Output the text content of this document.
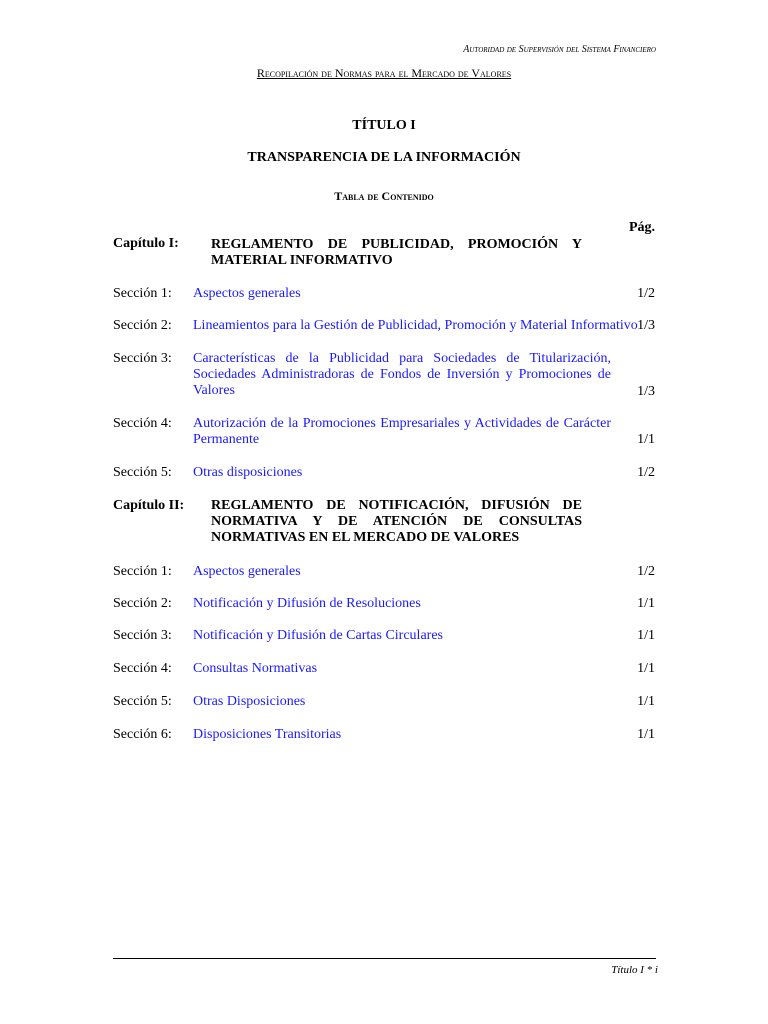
Autoridad de Supervisión del Sistema Financiero
Recopilación de Normas para el Mercado de Valores
TÍTULO I
TRANSPARENCIA DE LA INFORMACIÓN
Tabla de Contenido
Pág.
Capítulo I: REGLAMENTO DE PUBLICIDAD, PROMOCIÓN Y MATERIAL INFORMATIVO
Sección 1: Aspectos generales	1/2
Sección 2: Lineamientos para la Gestión de Publicidad, Promoción y Material Informativo 1/3
Sección 3: Características de la Publicidad para Sociedades de Titularización, Sociedades Administradoras de Fondos de Inversión y Promociones de Valores	1/3
Sección 4: Autorización de la Promociones Empresariales y Actividades de Carácter Permanente	1/1
Sección 5: Otras disposiciones	1/2
Capítulo II: REGLAMENTO DE NOTIFICACIÓN, DIFUSIÓN DE NORMATIVA Y DE ATENCIÓN DE CONSULTAS NORMATIVAS EN EL MERCADO DE VALORES
Sección 1: Aspectos generales	1/2
Sección 2: Notificación y Difusión de Resoluciones	1/1
Sección 3: Notificación y Difusión de Cartas Circulares	1/1
Sección 4: Consultas Normativas	1/1
Sección 5: Otras Disposiciones	1/1
Sección 6: Disposiciones Transitorias	1/1
Título I * i
